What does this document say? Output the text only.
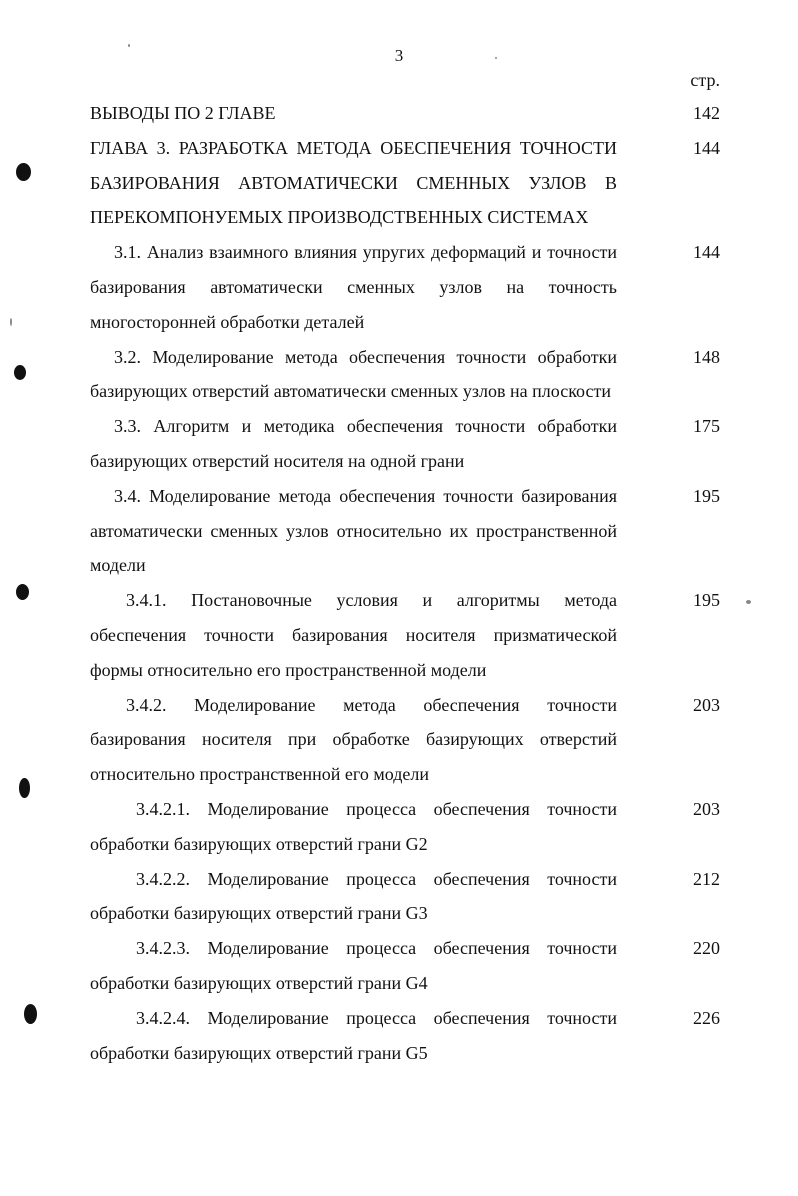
3
стр.
ВЫВОДЫ ПО 2 ГЛАВЕ	142
ГЛАВА 3. РАЗРАБОТКА МЕТОДА ОБЕСПЕЧЕНИЯ ТОЧНОСТИ БАЗИРОВАНИЯ АВТОМАТИЧЕСКИ СМЕННЫХ УЗЛОВ В ПЕРЕКОМПОНУЕМЫХ ПРОИЗВОДСТВЕННЫХ СИСТЕМАХ
144
3.1. Анализ взаимного влияния упругих деформаций и точности базирования автоматически сменных узлов на точность многосторонней обработки деталей
144
3.2. Моделирование метода обеспечения точности обработки базирующих отверстий автоматически сменных узлов на плоскости
148
3.3. Алгоритм и методика обеспечения точности обработки базирующих отверстий носителя на одной грани
175
3.4. Моделирование метода обеспечения точности базирования автоматически сменных узлов относительно их пространственной модели
195
3.4.1. Постановочные условия и алгоритмы метода обеспечения точности базирования носителя призматической формы относительно его пространственной модели
195
3.4.2. Моделирование метода обеспечения точности базирования носителя при обработке базирующих отверстий относительно пространственной его модели
203
3.4.2.1. Моделирование процесса обеспечения точности обработки базирующих отверстий грани G2
203
3.4.2.2. Моделирование процесса обеспечения точности обработки базирующих отверстий грани G3
212
3.4.2.3. Моделирование процесса обеспечения точности обработки базирующих отверстий грани G4
220
3.4.2.4. Моделирование процесса обеспечения точности обработки базирующих отверстий грани G5
226
